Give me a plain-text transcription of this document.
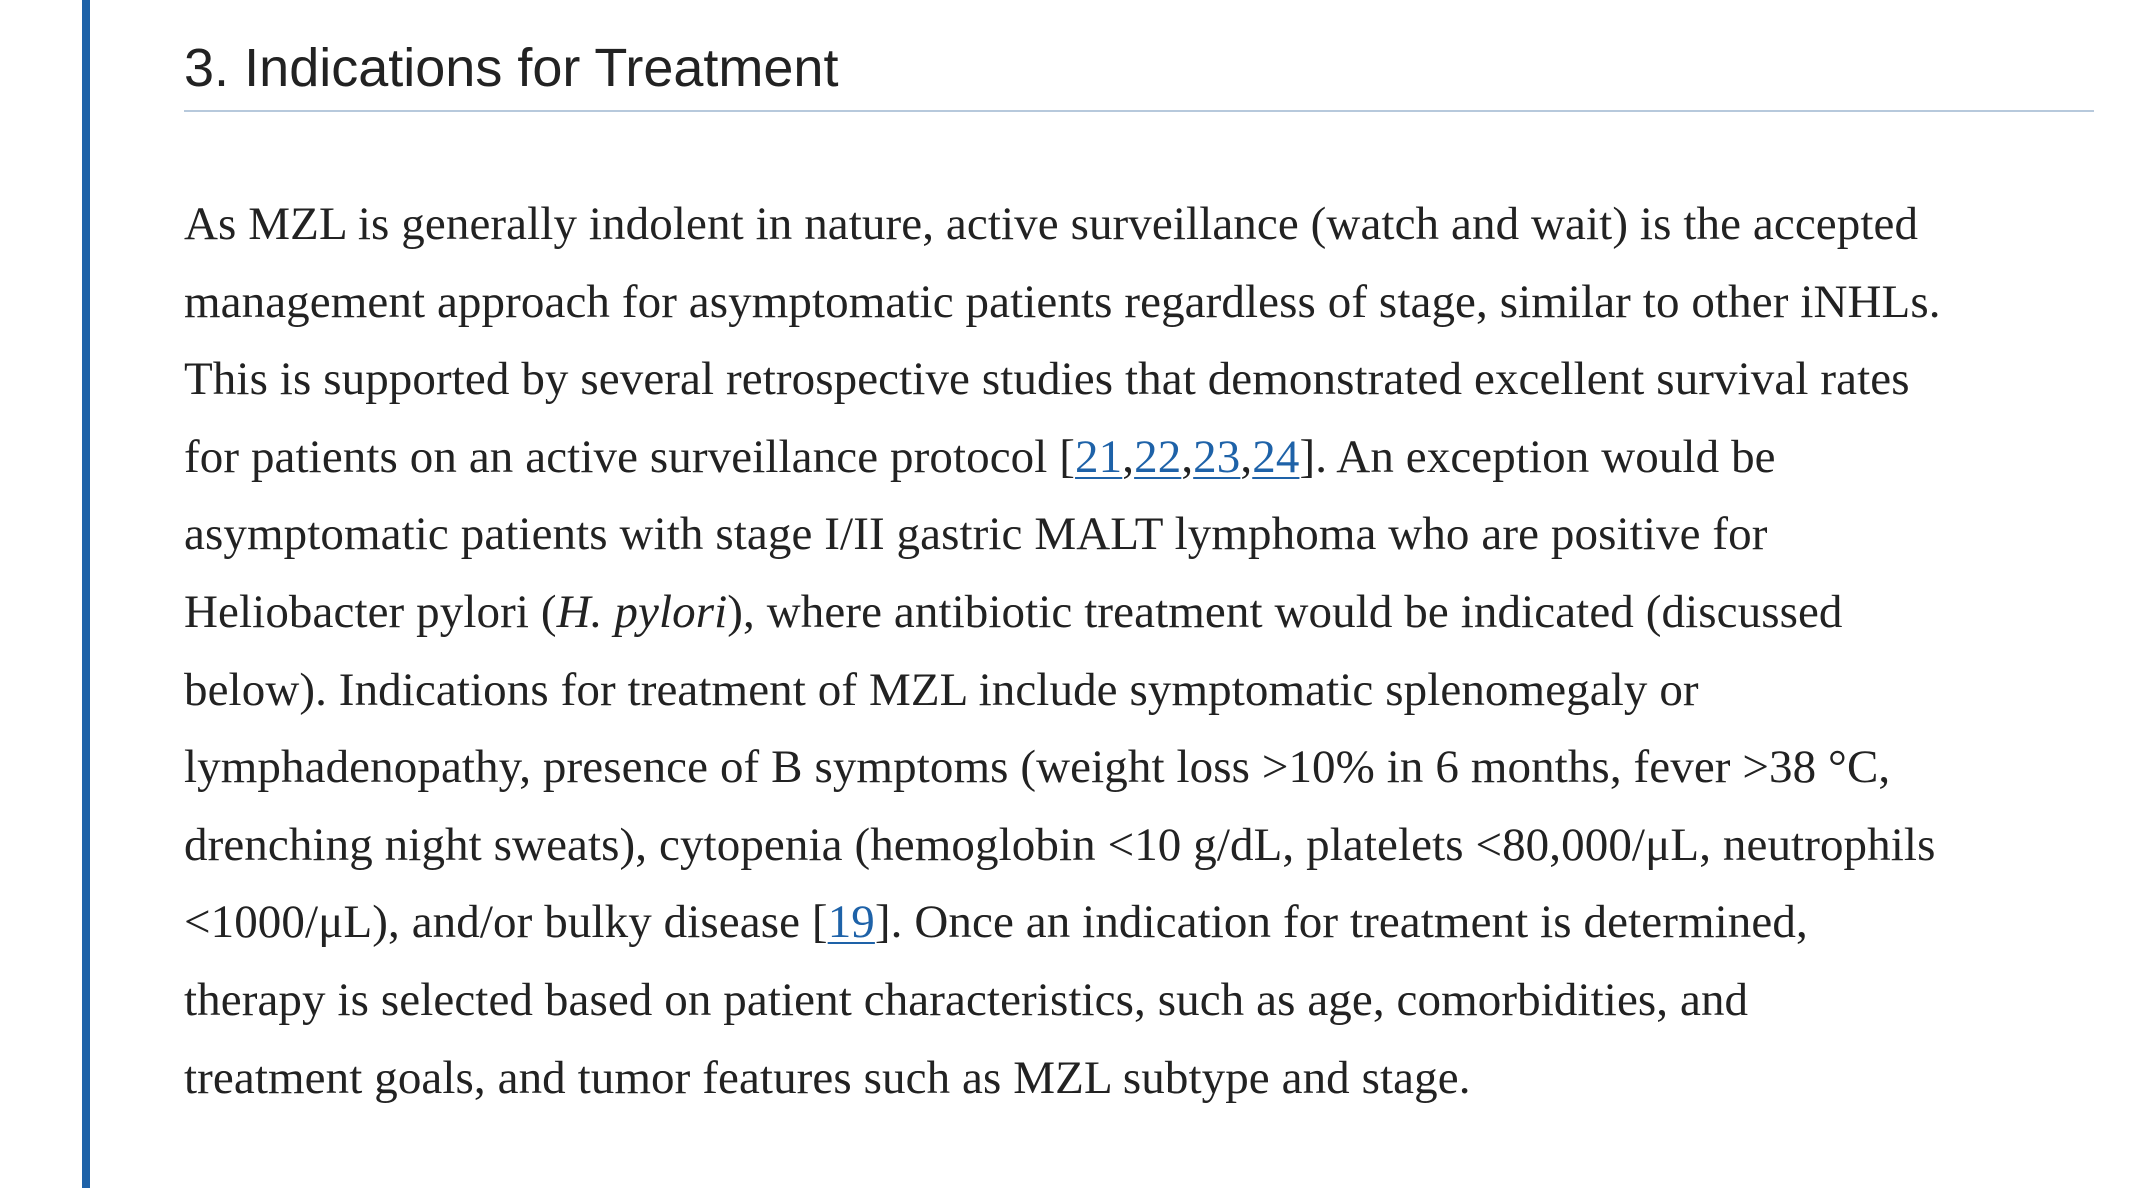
3. Indications for Treatment

As MZL is generally indolent in nature, active surveillance (watch and wait) is the accepted
management approach for asymptomatic patients regardless of stage, similar to other iNHLs.
This is supported by several retrospective studies that demonstrated excellent survival rates
for patients on an active surveillance protocol [21,22,23,24]. An exception would be
asymptomatic patients with stage I/II gastric MALT lymphoma who are positive for
Heliobacter pylori (H. pylori), where antibiotic treatment would be indicated (discussed
below). Indications for treatment of MZL include symptomatic splenomegaly or
lymphadenopathy, presence of B symptoms (weight loss >10% in 6 months, fever >38 °C,
drenching night sweats), cytopenia (hemoglobin <10 g/dL, platelets <80,000/μL, neutrophils
<1000/μL), and/or bulky disease [19]. Once an indication for treatment is determined,
therapy is selected based on patient characteristics, such as age, comorbidities, and
treatment goals, and tumor features such as MZL subtype and stage.
